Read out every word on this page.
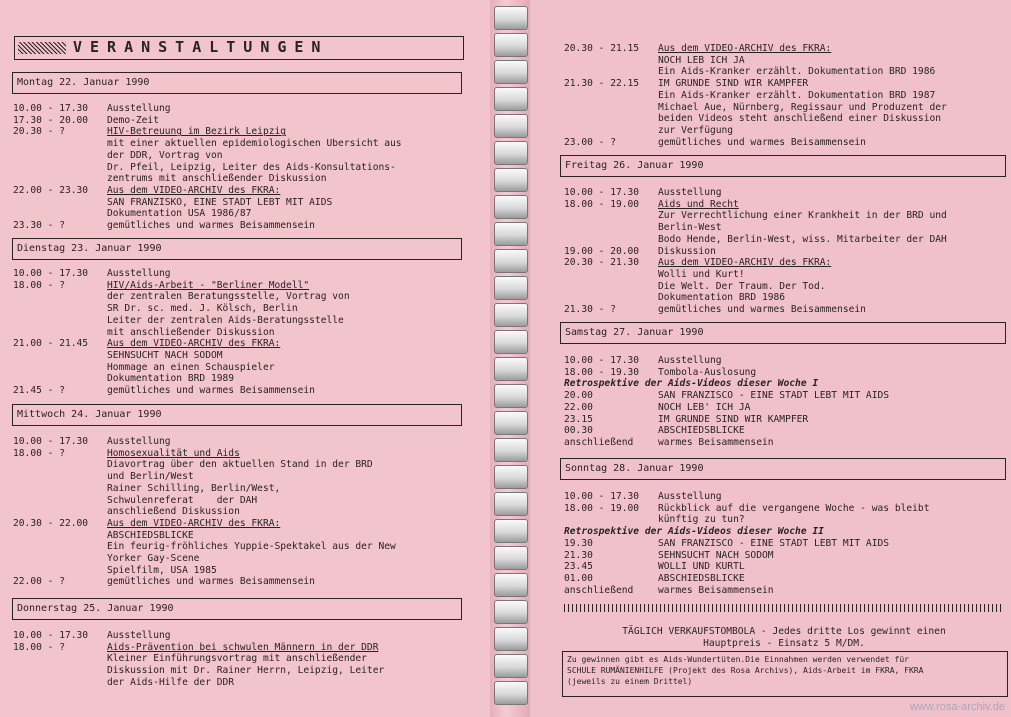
VERANSTALTUNGEN
Montag 22. Januar 1990
10.00 - 17.30	Ausstellung
17.30 - 20.00	Demo-Zeit
20.30 - ?	HIV-Betreuung im Bezirk Leipzig
mit einer aktuellen epidemiologischen Übersicht aus
der DDR, Vortrag von
Dr. Pfeil, Leipzig, Leiter des Aids-Konsultations-
zentrums mit anschließender Diskussion
22.00 - 23.30	Aus dem VIDEO-ARCHIV des FKRA:
SAN FRANZISKO, EINE STADT LEBT MIT AIDS
Dokumentation USA 1986/87
23.30 - ?	gemütliches und warmes Beisammensein
Dienstag 23. Januar 1990
10.00 - 17.30	Ausstellung
18.00 - ?	HIV/Aids-Arbeit - "Berliner Modell"
der zentralen Beratungsstelle, Vortrag von
SR Dr. sc. med. J. Kölsch, Berlin
Leiter der zentralen Aids-Beratungsstelle
mit anschließender Diskussion
21.00 - 21.45	Aus dem VIDEO-ARCHIV des FKRA:
SEHNSUCHT NACH SODOM
Hommage an einen Schauspieler
Dokumentation BRD 1989
21.45 - ?	gemütliches und warmes Beisammensein
Mittwoch 24. Januar 1990
10.00 - 17.30	Ausstellung
18.00 - ?	Homosexualität und Aids
Diavortrag über den aktuellen Stand in der BRD
und Berlin/West
Rainer Schilling, Berlin/West,
Schwulenreferat    der DAH
anschließend Diskussion
20.30 - 22.00	Aus dem VIDEO-ARCHIV des FKRA:
ABSCHIEDSBLICKE
Ein feurig-fröhliches Yuppie-Spektakel aus der New
Yorker Gay-Scene
Spielfilm, USA 1985
22.00 - ?	gemütliches und warmes Beisammensein
Donnerstag 25. Januar 1990
10.00 - 17.30	Ausstellung
18.00 - ?	Aids-Prävention bei schwulen Männern in der DDR
Kleiner Einführungsvortrag mit anschließender
Diskussion mit Dr. Rainer Herrn, Leipzig, Leiter
der Aids-Hilfe der DDR
20.30 - 21.15	Aus dem VIDEO-ARCHIV des FKRA:
NOCH LEB ICH JA
Ein Aids-Kranker erzählt. Dokumentation BRD 1986
21.30 - 22.15	IM GRUNDE SIND WIR KÄMPFER
Ein Aids-Kranker erzählt. Dokumentation BRD 1987
Michael Aue, Nürnberg, Regissaur und Produzent der
beiden Videos steht anschließend einer Diskussion
zur Verfügung
23.00 - ?	gemütliches und warmes Beisammensein
Freitag 26. Januar 1990
10.00 - 17.30	Ausstellung
18.00 - 19.00	Aids und Recht
Zur Verrechtlichung einer Krankheit in der BRD und
Berlin-West
Bodo Hende, Berlin-West, wiss. Mitarbeiter der DAH
19.00 - 20.00	Diskussion
20.30 - 21.30	Aus dem VIDEO-ARCHIV des FKRA:
Wolli und Kurt!
Die Welt. Der Traum. Der Tod.
Dokumentation BRD 1986
21.30 - ?	gemütliches und warmes Beisammensein
Samstag 27. Januar 1990
10.00 - 17.30	Ausstellung
18.00 - 19.30	Tombola-Auslosung
Retrospektive der Aids-Videos dieser Woche I
20.00	SAN FRANZISCO - EINE STADT LEBT MIT AIDS
22.00	NOCH LEB' ICH JA
23.15	IM GRUNDE SIND WIR KÄMPFER
00.30	ABSCHIEDSBLICKE
anschließend	warmes Beisammensein
Sonntag 28. Januar 1990
10.00 - 17.30	Ausstellung
18.00 - 19.00	Rückblick auf die vergangene Woche - was bleibt
künftig zu tun?
Retrospektive der Aids-Videos dieser Woche II
19.30	SAN FRANZISCO - EINE STADT LEBT MIT AIDS
21.30	SEHNSUCHT NACH SODOM
23.45	WOLLI UND KURTL
01.00	ABSCHIEDSBLICKE
anschließend	warmes Beisammensein
TÄGLICH VERKAUFSTOMBOLA - Jedes dritte Los gewinnt einen
Hauptpreis - Einsatz 5 M/DM.
Zu gewinnen gibt es Aids-Wundertüten.Die Einnahmen werden verwendet für
SCHULE RUMÄNIENHILFE (Projekt des Rosa Archivs), Aids-Arbeit im FKRA, FKRA
(jeweils zu einem Drittel)
www.rosa-archiv.de
